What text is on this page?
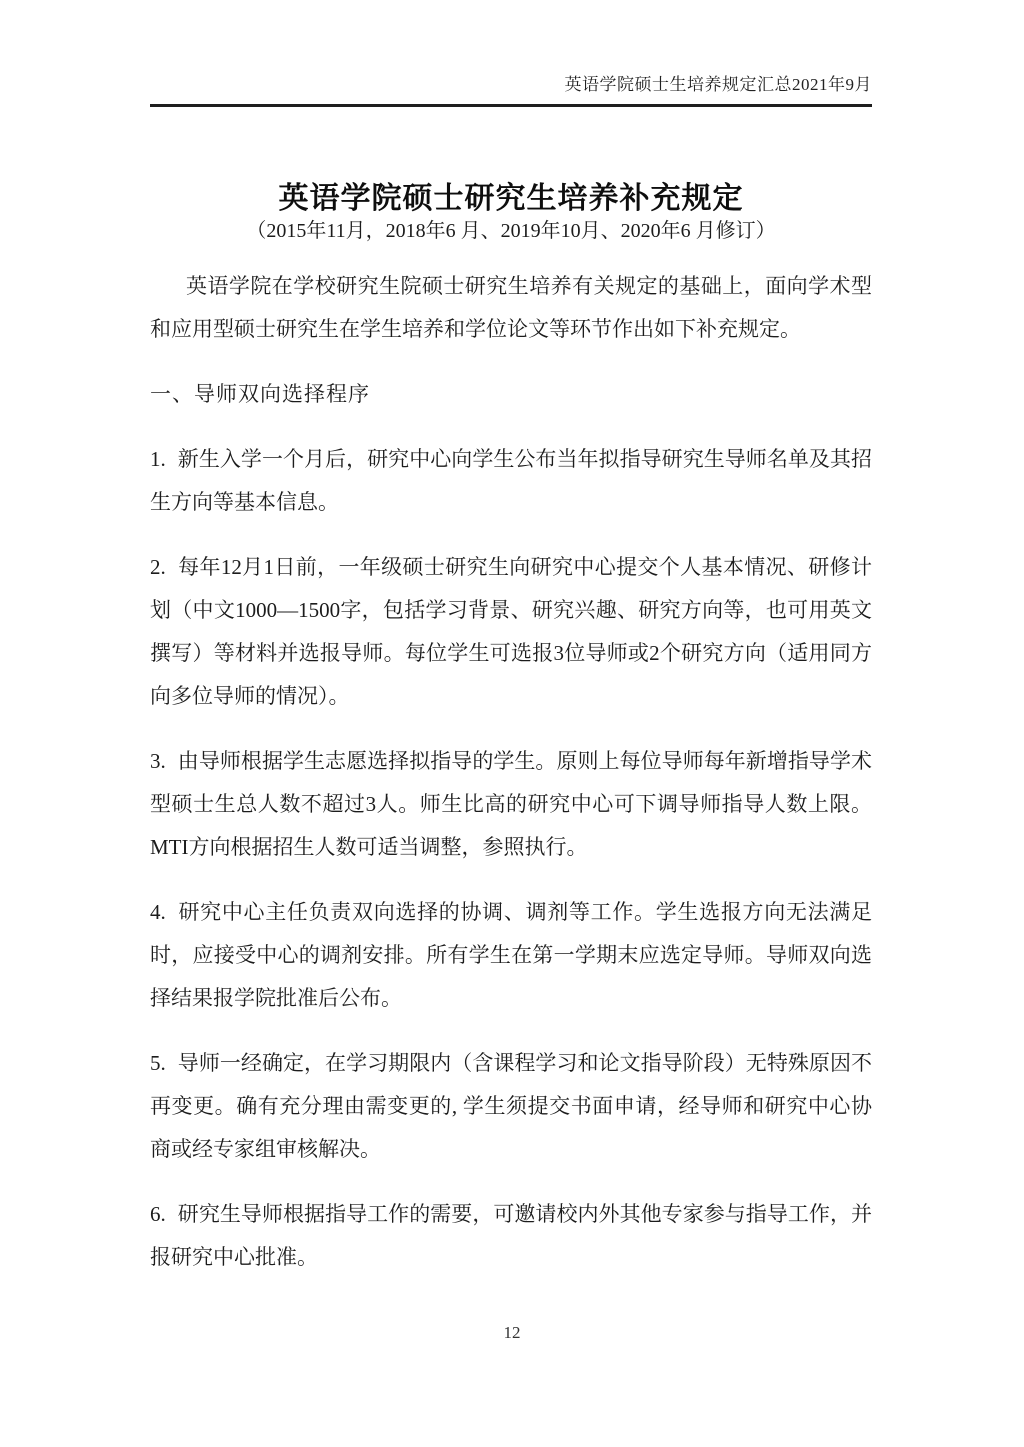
英语学院硕士生培养规定汇总2021年9月
英语学院硕士研究生培养补充规定
（2015年11月，2018年6 月、2019年10月、2020年6 月修订）

英语学院在学校研究生院硕士研究生培养有关规定的基础上，面向学术型和应用型硕士研究生在学生培养和学位论文等环节作出如下补充规定。

一、导师双向选择程序

1. 新生入学一个月后，研究中心向学生公布当年拟指导研究生导师名单及其招生方向等基本信息。

2. 每年12月1日前，一年级硕士研究生向研究中心提交个人基本情况、研修计划（中文1000—1500字，包括学习背景、研究兴趣、研究方向等，也可用英文撰写）等材料并选报导师。每位学生可选报3位导师或2个研究方向（适用同方向多位导师的情况）。

3. 由导师根据学生志愿选择拟指导的学生。原则上每位导师每年新增指导学术型硕士生总人数不超过3人。师生比高的研究中心可下调导师指导人数上限。MTI方向根据招生人数可适当调整，参照执行。

4. 研究中心主任负责双向选择的协调、调剂等工作。学生选报方向无法满足时，应接受中心的调剂安排。所有学生在第一学期末应选定导师。导师双向选择结果报学院批准后公布。

5. 导师一经确定，在学习期限内（含课程学习和论文指导阶段）无特殊原因不再变更。确有充分理由需变更的, 学生须提交书面申请，经导师和研究中心协商或经专家组审核解决。

6. 研究生导师根据指导工作的需要，可邀请校内外其他专家参与指导工作，并报研究中心批准。

12
